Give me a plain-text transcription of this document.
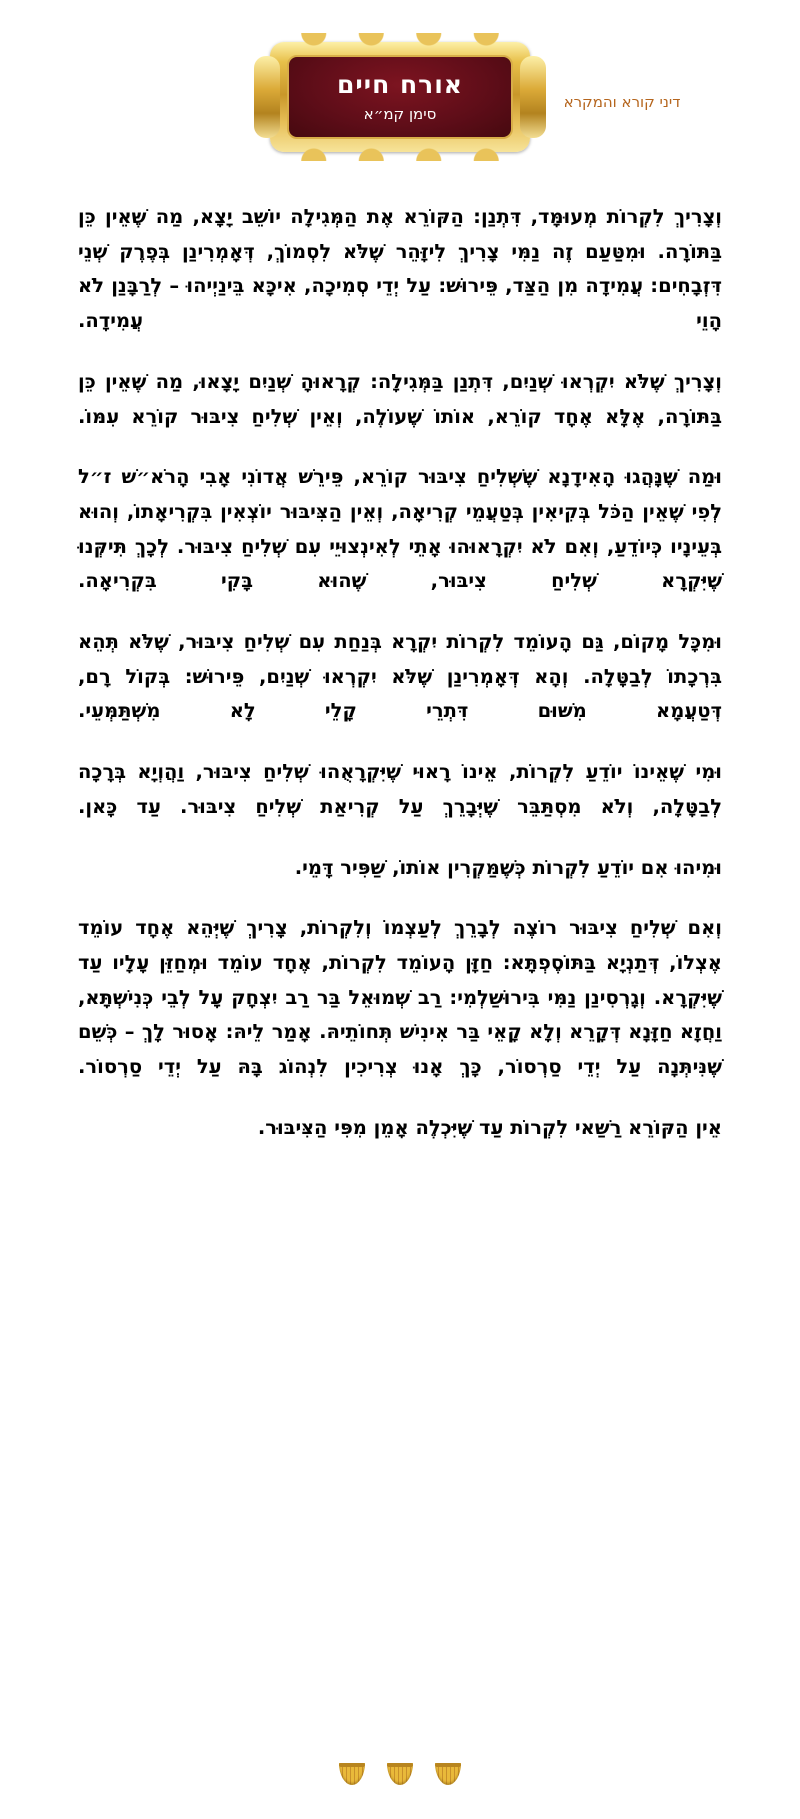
דיני קורא והמקרא
אורח חיים
סימן קמ״א

וְצָרִיךְ לִקְרוֹת מְעוּמָּד, דִּתְנַן: הַקּוֹרֵא אֶת הַמְּגִילָה יוֹשֵׁב יָצָא, מַה שֶּׁאֵין כֵּן בַּתּוֹרָה. וּמִטַּעַם זֶה נַמִּי צָרִיךְ לִיזָּהֵר שֶׁלֹּא לִסְמוֹךְ, דְּאָמְרִינַן בְּפֶרֶק שְׁנֵי דִּזְבָחִים: עֲמִידָה מִן הַצַּד, פֵּירוּשׁ: עַל יְדֵי סְמִיכָה, אִיכָּא בֵּינַיְיהוּ – לְרַבָּנַן לֹא הָוֵי עֲמִידָה.

וְצָרִיךְ שֶׁלֹּא יִקְרְאוּ שְׁנַיִם, דִּתְנַן בַּמְּגִילָה: קְרָאוּהָ שְׁנַיִם יָצָאוּ, מַה שֶּׁאֵין כֵּן בַּתּוֹרָה, אֶלָּא אֶחָד קוֹרֵא, אוֹתוֹ שֶׁעוֹלֶה, וְאֵין שְׁלִיחַ צִיבּוּר קוֹרֵא עִמּוֹ.

וּמַה שֶּׁנָּהֲגוּ הָאִידָנָא שֶׁשְּׁלִיחַ צִיבּוּר קוֹרֵא, פֵּירֵשׁ אֲדוֹנִי אָבִי הָרֹא״שׁ ז״ל לְפִי שֶׁאֵין הַכֹּל בְּקִיאִין בְּטַעֲמֵי קְרִיאָה, וְאֵין הַצִּיבּוּר יוֹצְאִין בִּקְרִיאָתוֹ, וְהוּא בְּעֵינָיו כְּיוֹדֵעַ, וְאִם לֹא יִקְרָאוּהוּ אָתֵי לְאִינְצוּיֵי עִם שְׁלִיחַ צִיבּוּר. לְכָךְ תִּיקְּנוּ שֶׁיִּקְרָא שְׁלִיחַ צִיבּוּר, שֶׁהוּא בָּקִי בִּקְרִיאָה.

וּמִכָּל מָקוֹם, גַּם הָעוֹמֵד לִקְרוֹת יִקְרָא בְּנַחַת עִם שְׁלִיחַ צִיבּוּר, שֶׁלֹּא תְּהֵא בִּרְכָתוֹ לְבַטָּלָה. וְהָא דְּאָמְרִינַן שֶׁלֹּא יִקְרְאוּ שְׁנַיִם, פֵּירוּשׁ: בְּקוֹל רָם, דְּטַעֲמָא מִשּׁוּם דִּתְרֵי קָלֵי לָא מִשְׁתַּמְּעֵי.

וּמִי שֶׁאֵינוֹ יוֹדֵעַ לִקְרוֹת, אֵינוֹ רָאוּי שֶׁיִּקְרָאֻהוּ שְׁלִיחַ צִיבּוּר, וַהֲוְיָא בְּרָכָה לְבַטָּלָה, וְלֹא מִסְתַּבֵּר שֶׁיְּבָרֵךְ עַל קְרִיאַת שְׁלִיחַ צִיבּוּר. עַד כָּאן.

וּמִיהוּ אִם יוֹדֵעַ לִקְרוֹת כְּשֶׁמַּקְרִין אוֹתוֹ, שַׁפִּיר דָּמֵי.

וְאִם שְׁלִיחַ צִיבּוּר רוֹצֶה לְבָרֵךְ לְעַצְמוֹ וְלִקְרוֹת, צָרִיךְ שֶׁיְּהֵא אֶחָד עוֹמֵד אֶצְלוֹ, דְּתַנְיָא בַּתּוֹסֶפְתָּא: חַזָּן הָעוֹמֵד לִקְרוֹת, אֶחָד עוֹמֵד וּמְחַזֵּן עָלָיו עַד שֶׁיִּקְרָא. וְגָרְסִינַן נַמִּי בִּירוּשַׁלְמִי: רַב שְׁמוּאֵל בַּר רַב יִצְחָק עָל לְבֵי כְּנִישְׁתָּא, וַחֲזָא חַזָּנָא דְּקָרֵא וְלָא קָאֵי בַּר אִינִישׁ תְּחוֹתֵיהּ. אָמַר לֵיהּ: אָסוּר לָךְ – כְּשֵׁם שֶׁנִּיתְּנָה עַל יְדֵי סַרְסוֹר, כָּךְ אָנוּ צְרִיכִין לִנְהוֹג בָּהּ עַל יְדֵי סַרְסוֹר.

אֵין הַקּוֹרֵא רַשַּׁאי לִקְרוֹת עַד שֶׁיִּכְלֶה אָמֵן מִפִּי הַצִּיבּוּר.
